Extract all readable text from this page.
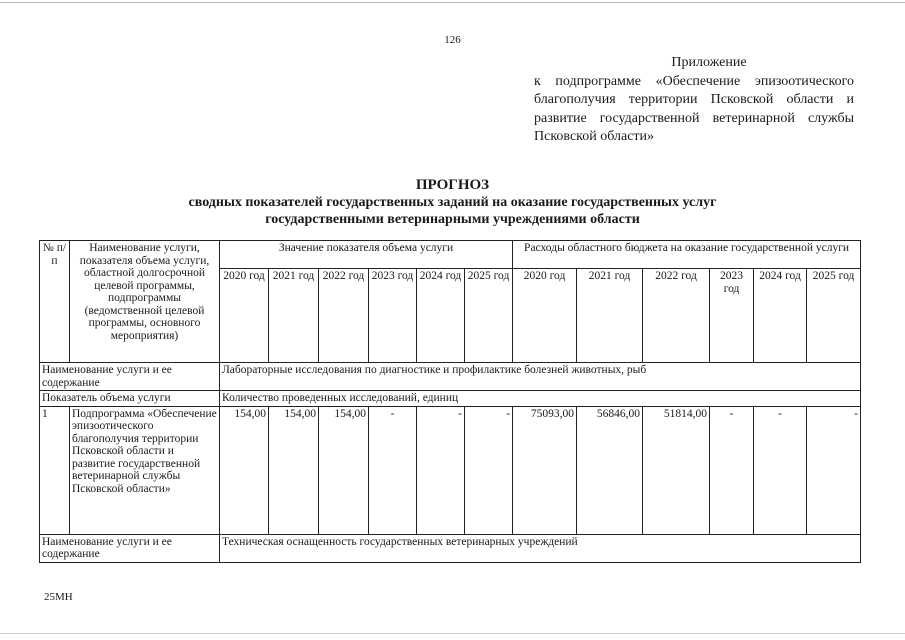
126
Приложение
к подпрограмме «Обеспечение эпизоотического благополучия территории Псковской области и развитие государственной ветеринарной службы Псковской области»
ПРОГНОЗ
сводных показателей государственных заданий на оказание государственных услуг
государственными ветеринарными учреждениями области
№ п/п	Наименование услуги, показателя объема услуги, областной долгосрочной целевой программы, подпрограммы (ведомственной целевой программы, основного мероприятия)	Значение показателя объема услуги						Расходы областного бюджета на оказание государственной услуги					
		2020 год	2021 год	2022 год	2023 год	2024 год	2025 год	2020 год	2021 год	2022 год	2023 год	2024 год	2025 год
Наименование услуги и ее содержание		Лабораторные исследования по диагностике и профилактике болезней животных, рыб											
Показатель объема услуги		Количество проведенных исследований, единиц											
1	Подпрограмма «Обеспечение эпизоотического благополучия территории Псковской области и развитие государственной ветеринарной службы Псковской области»	154,00	154,00	154,00	-	-	-	75093,00	56846,00	51814,00	-	-	-
Наименование услуги и ее содержание		Техническая оснащенность государственных ветеринарных учреждений											
25МН
